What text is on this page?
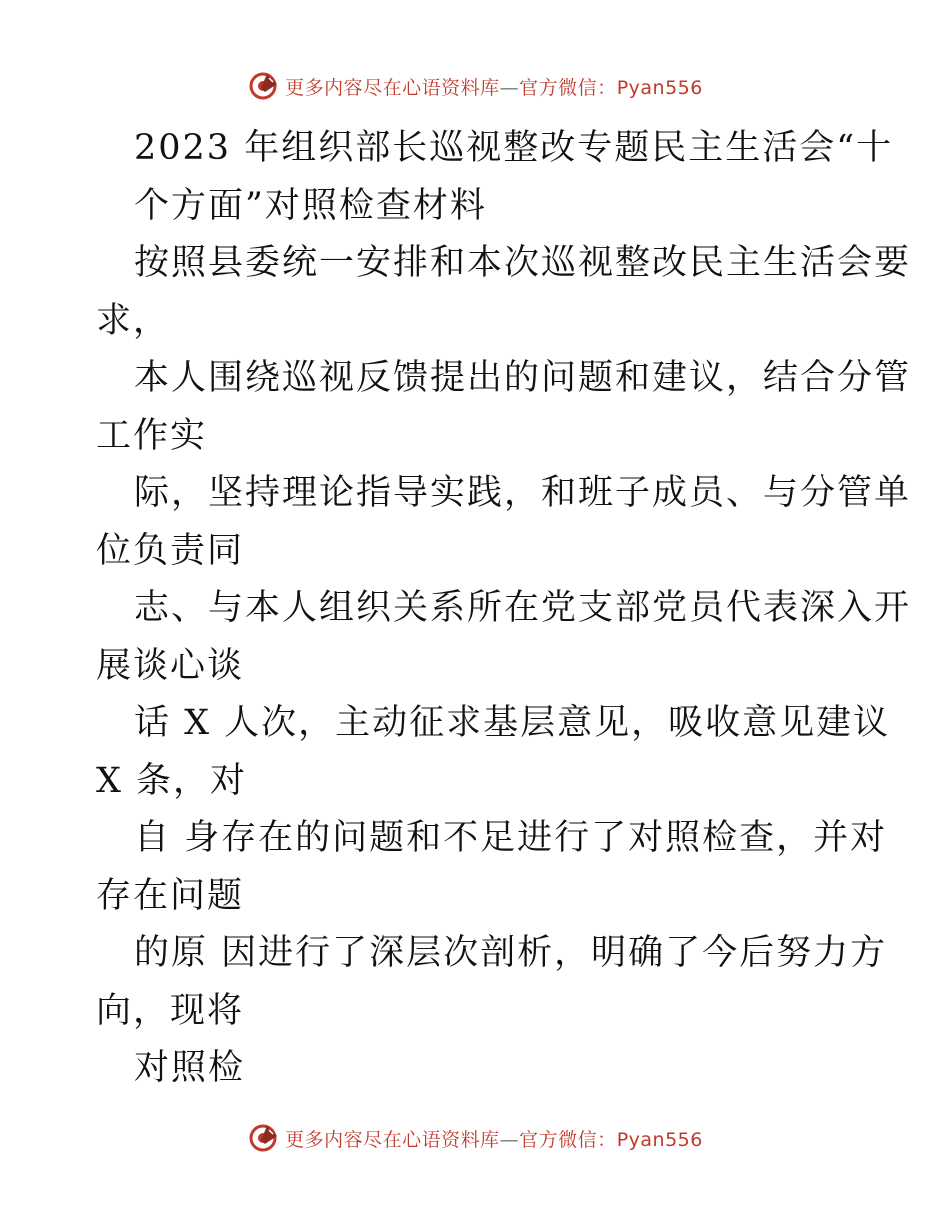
更多内容尽在心语资料库—官方微信：Pyan556
2023 年组织部长巡视整改专题民主生活会“十
个方面”对照检查材料
按照县委统一安排和本次巡视整改民主生活会要
求，
本人围绕巡视反馈提出的问题和建议，结合分管
工作实
际，坚持理论指导实践，和班子成员、与分管单
位负责同
志、与本人组织关系所在党支部党员代表深入开
展谈心谈
话 X 人次，主动征求基层意见，吸收意见建议
X 条，对
自 身存在的问题和不足进行了对照检查，并对
存在问题
的原 因进行了深层次剖析，明确了今后努力方
向，现将
对照检
更多内容尽在心语资料库—官方微信：Pyan556
